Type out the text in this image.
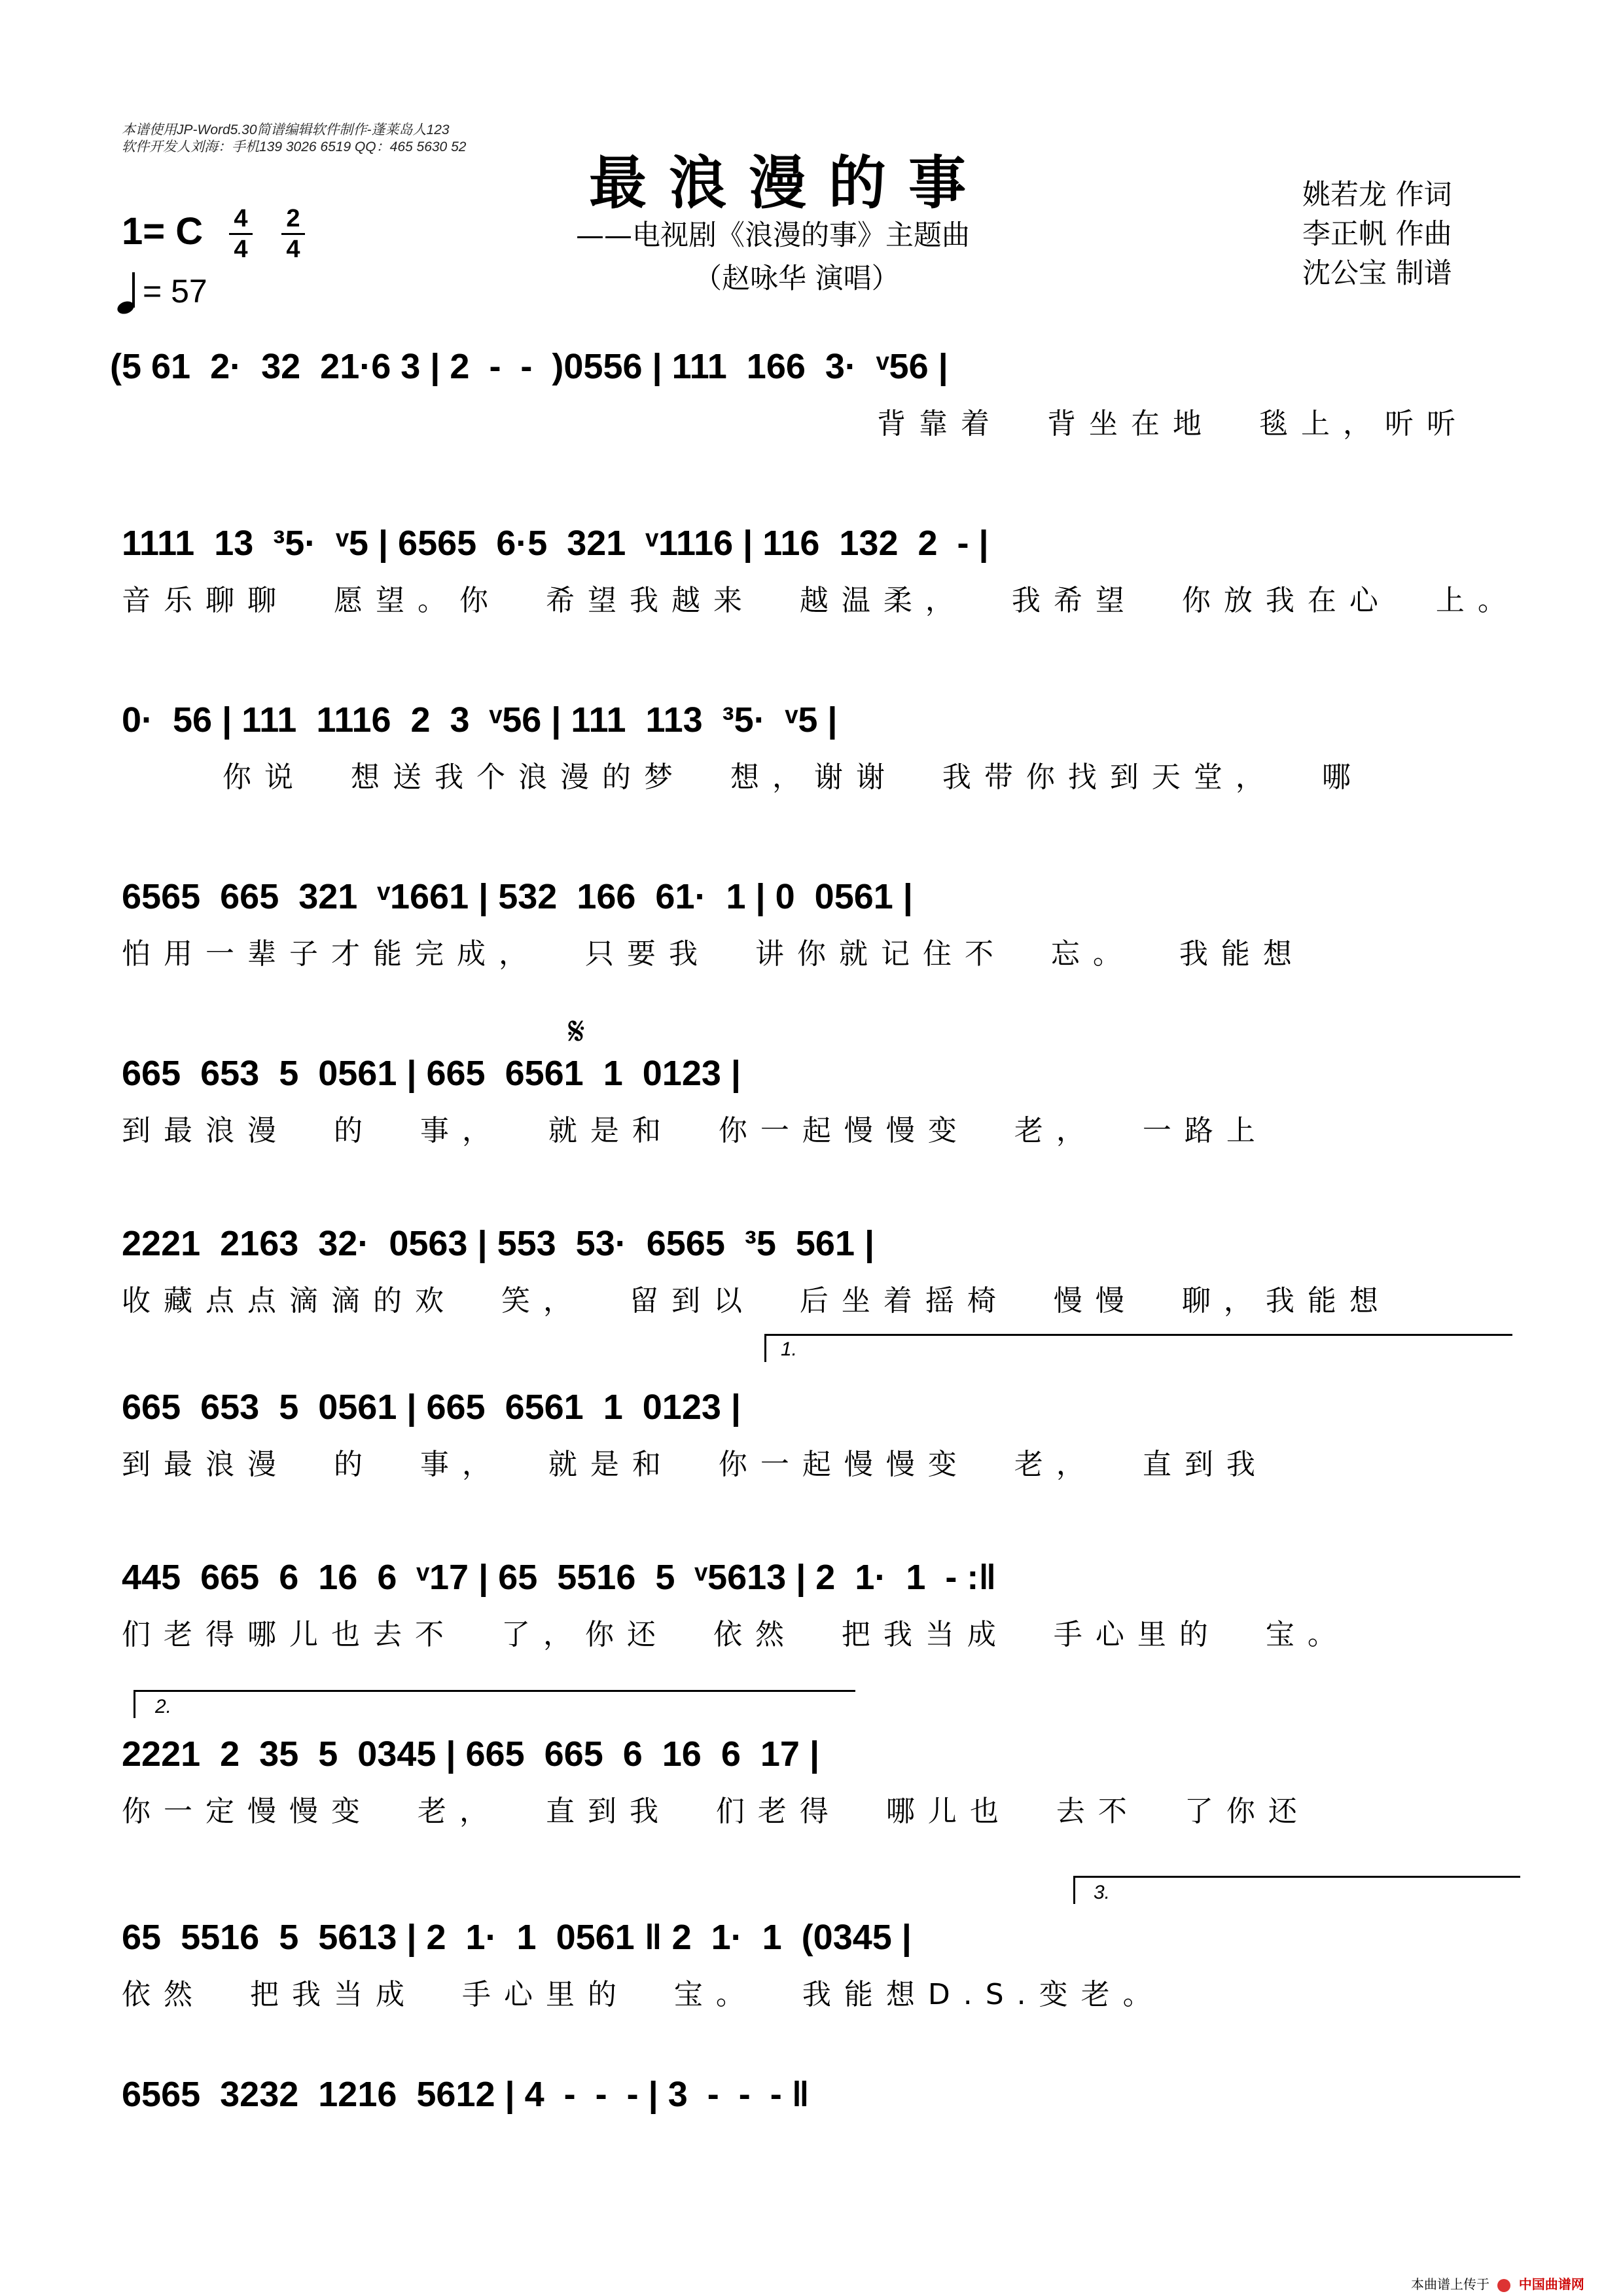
本谱使用JP-Word5.30简谱编辑软件制作-蓬莱岛人123
软件开发人刘海：手机139 3026 6519 QQ：465 5630 52
最浪漫的事
——电视剧《浪漫的事》主题曲
（赵咏华 演唱）
姚若龙 作词
李正帆 作曲
沈公宝 制谱
1= C 4
4
2
4
= 57
(5 61  2·  32  21·6 3 | 2  -  -  )0556 | 111  166  3·  ᵛ56 |
背靠着  背坐在地  毯上，听听
1111  13  ³5·  ᵛ5 | 6565  6·5  321  ᵛ1116 | 116  132  2  - |
音乐聊聊  愿望。你  希望我越来  越温柔，  我希望  你放我在心  上。
0·  56 | 111  1116  2  3  ᵛ56 | 111  113  ³5·  ᵛ5 |
你说  想送我个浪漫的梦  想，谢谢  我带你找到天堂，  哪
6565  665  321  ᵛ1661 | 532  166  61·  1 | 0  0561 |
怕用一辈子才能完成，  只要我  讲你就记住不  忘。  我能想
𝄋
665  653  5  0561 | 665  6561  1  0123 |
到最浪漫  的  事，  就是和  你一起慢慢变  老，  一路上
2221  2163  32·  0563 | 553  53·  6565  ³5  561 |
收藏点点滴滴的欢  笑，  留到以  后坐着摇椅  慢慢  聊，我能想
1.
665  653  5  0561 | 665  6561  1  0123 |
到最浪漫  的  事，  就是和  你一起慢慢变  老，  直到我
445  665  6  16  6  ᵛ17 | 65  5516  5  ᵛ5613 | 2  1·  1  - :‖
们老得哪儿也去不  了，你还  依然  把我当成  手心里的  宝。
2.
2221  2  35  5  0345 | 665  665  6  16  6  17 |
你一定慢慢变  老，  直到我  们老得  哪儿也  去不  了你还
3.
65  5516  5  5613 | 2  1·  1  0561 ‖ 2  1·  1  (0345 |
依然  把我当成  手心里的  宝。  我能想D.S.变老。
6565  3232  1216  5612 | 4  -  -  - | 3  -  -  - ‖
本曲谱上传于 中国曲谱网
